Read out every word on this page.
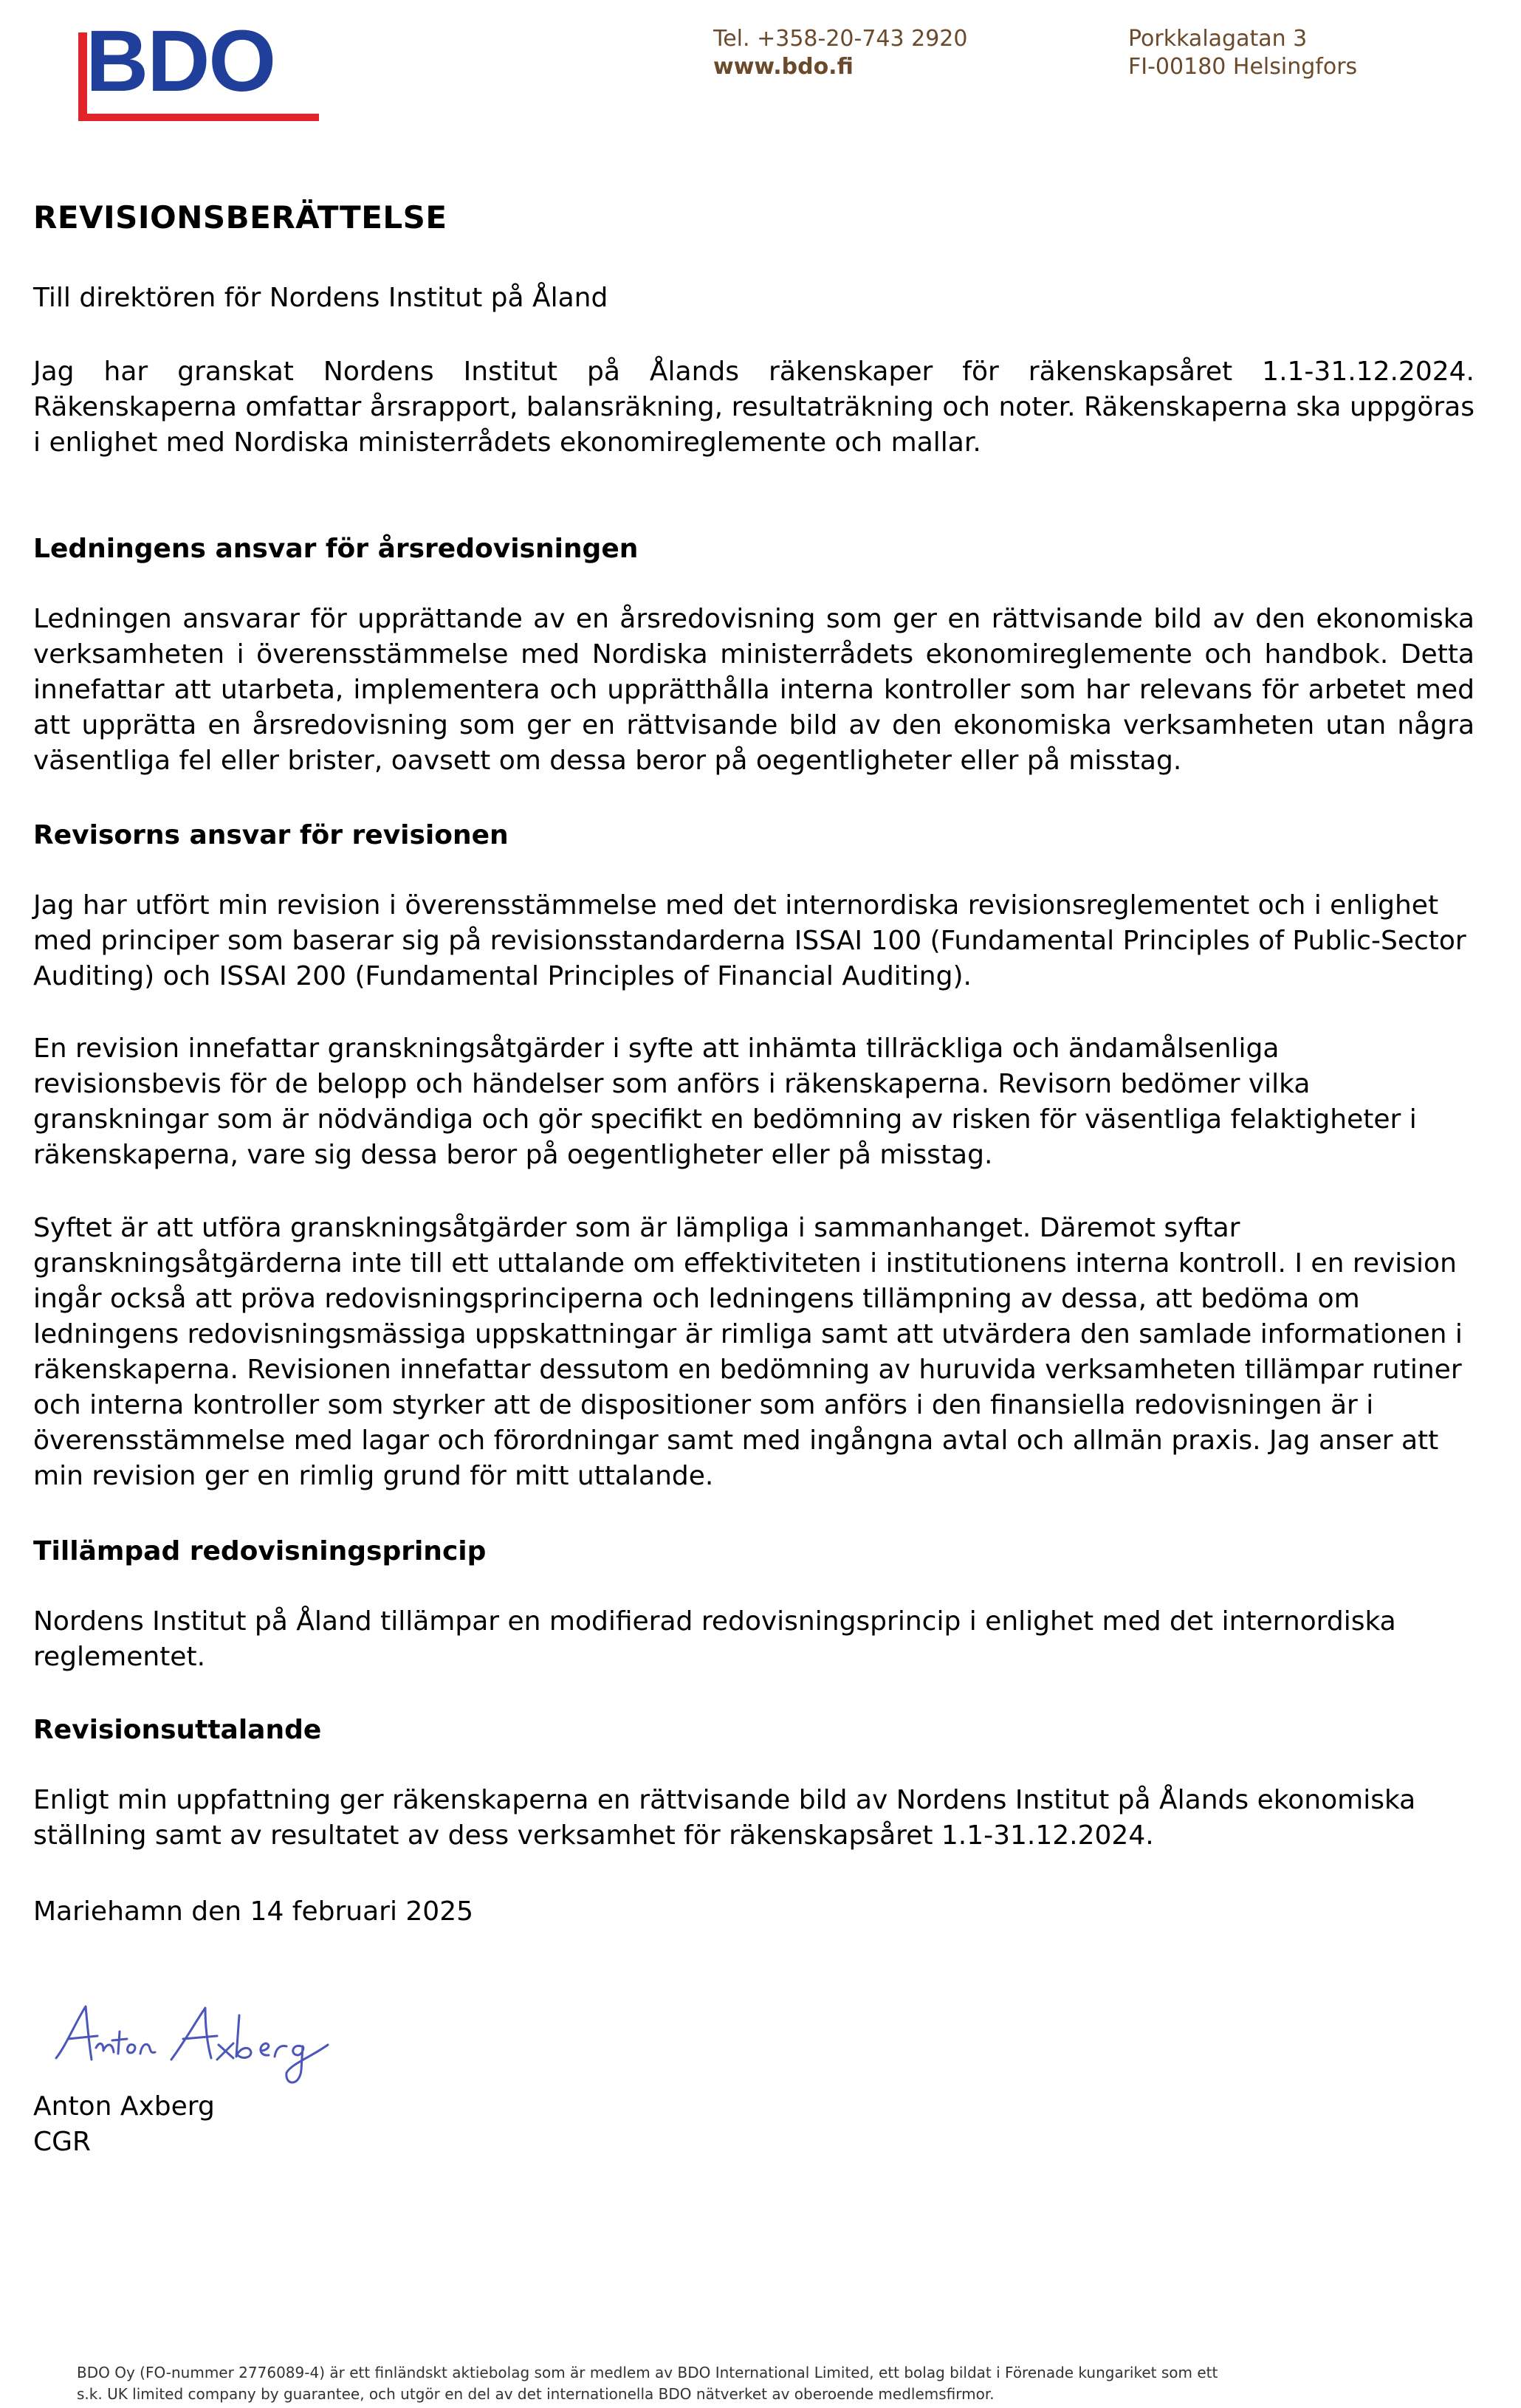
BDO	Tel. +358-20-743 2920
www.bdo.fi
Porkkalagatan 3
FI-00180 Helsingfors
REVISIONSBERÄTTELSE

Till direktören för Nordens Institut på Åland

Jag har granskat Nordens Institut på Ålands räkenskaper för räkenskapsåret 1.1-31.12.2024. Räkenskaperna omfattar årsrapport, balansräkning, resultaträkning och noter. Räkenskaperna ska uppgöras i enlighet med Nordiska ministerrådets ekonomireglemente och mallar.

Ledningens ansvar för årsredovisningen

Ledningen ansvarar för upprättande av en årsredovisning som ger en rättvisande bild av den ekonomiska verksamheten i överensstämmelse med Nordiska ministerrådets ekonomireglemente och handbok. Detta innefattar att utarbeta, implementera och upprätthålla interna kontroller som har relevans för arbetet med att upprätta en årsredovisning som ger en rättvisande bild av den ekonomiska verksamheten utan några väsentliga fel eller brister, oavsett om dessa beror på oegentligheter eller på misstag.

Revisorns ansvar för revisionen

Jag har utfört min revision i överensstämmelse med det internordiska revisionsreglementet och i enlighet med principer som baserar sig på revisionsstandarderna ISSAI 100 (Fundamental Principles of Public-Sector Auditing) och ISSAI 200 (Fundamental Principles of Financial Auditing).

En revision innefattar granskningsåtgärder i syfte att inhämta tillräckliga och ändamålsenliga revisionsbevis för de belopp och händelser som anförs i räkenskaperna. Revisorn bedömer vilka granskningar som är nödvändiga och gör specifikt en bedömning av risken för väsentliga felaktigheter i räkenskaperna, vare sig dessa beror på oegentligheter eller på misstag.

Syftet är att utföra granskningsåtgärder som är lämpliga i sammanhanget. Däremot syftar granskningsåtgärderna inte till ett uttalande om effektiviteten i institutionens interna kontroll. I en revision ingår också att pröva redovisningsprinciperna och ledningens tillämpning av dessa, att bedöma om ledningens redovisningsmässiga uppskattningar är rimliga samt att utvärdera den samlade informationen i räkenskaperna. Revisionen innefattar dessutom en bedömning av huruvida verksamheten tillämpar rutiner och interna kontroller som styrker att de dispositioner som anförs i den finansiella redovisningen är i överensstämmelse med lagar och förordningar samt med ingångna avtal och allmän praxis. Jag anser att min revision ger en rimlig grund för mitt uttalande.

Tillämpad redovisningsprincip

Nordens Institut på Åland tillämpar en modifierad redovisningsprincip i enlighet med det internordiska reglementet.

Revisionsuttalande

Enligt min uppfattning ger räkenskaperna en rättvisande bild av Nordens Institut på Ålands ekonomiska ställning samt av resultatet av dess verksamhet för räkenskapsåret 1.1-31.12.2024.

Mariehamn den 14 februari 2025

Anton Axberg

CGR

BDO Oy (FO-nummer 2776089-4) är ett finländskt aktiebolag som är medlem av BDO International Limited, ett bolag bildat i Förenade kungariket som ett
s.k. UK limited company by guarantee, och utgör en del av det internationella BDO nätverket av oberoende medlemsfirmor.
